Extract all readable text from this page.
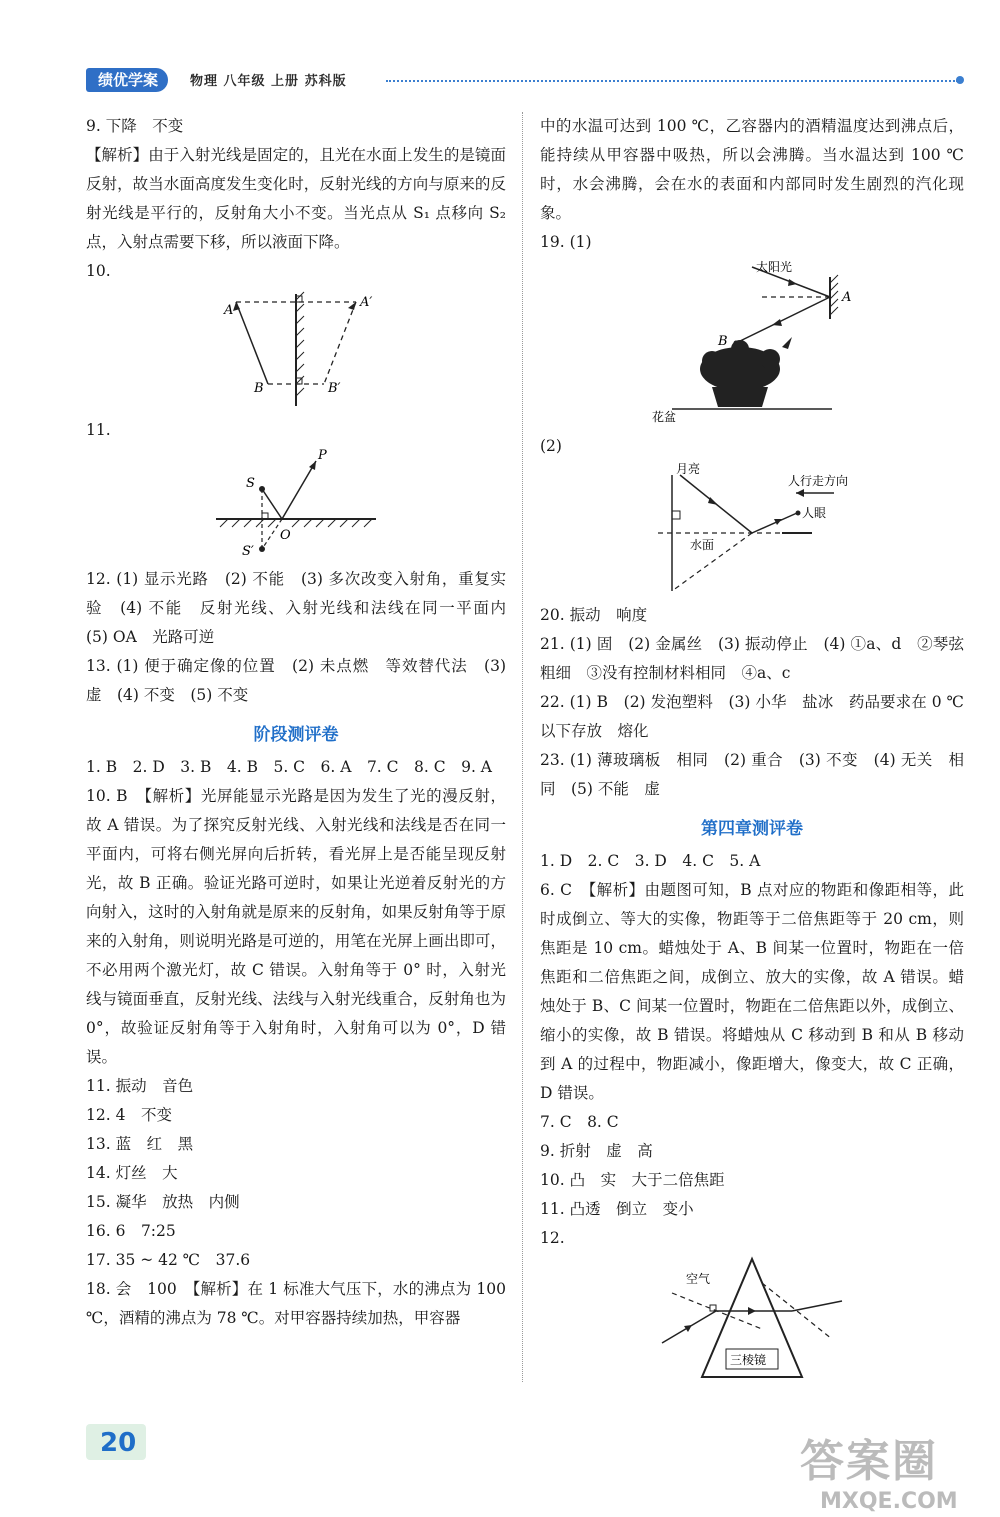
绩优学案	物理 八年级 上册 苏科版

9. 下降　不变

【解析】由于入射光线是固定的，且光在水面上发生的是镜面反射，故当水面高度发生变化时，反射光线的方向与原来的反射光线是平行的，反射角大小不变。当光点从 S₁ 点移向 S₂ 点，入射点需要下移，所以液面下降。

10.

A
A′
B	B′

11.

S
P
O
S′

12. (1) 显示光路　(2) 不能　(3) 多次改变入射角，重复实验　(4) 不能　反射光线、入射光线和法线在同一平面内　(5) OA　光路可逆

13. (1) 便于确定像的位置　(2) 未点燃　等效替代法　(3) 虚　(4) 不变　(5) 不变

阶段测评卷

1. B　2. D　3. B　4. B　5. C　6. A　7. C　8. C　9. A

10. B　【解析】光屏能显示光路是因为发生了光的漫反射，故 A 错误。为了探究反射光线、入射光线和法线是否在同一平面内，可将右侧光屏向后折转，看光屏上是否能呈现反射光，故 B 正确。验证光路可逆时，如果让光逆着反射光的方向射入，这时的入射角就是原来的反射角，如果反射角等于原来的入射角，则说明光路是可逆的，用笔在光屏上画出即可，不必用两个激光灯，故 C 错误。入射角等于 0° 时，入射光线与镜面垂直，反射光线、法线与入射光线重合，反射角也为 0°，故验证反射角等于入射角时，入射角可以为 0°，D 错误。

11. 振动　音色

12. 4　不变

13. 蓝　红　黑

14. 灯丝　大

15. 凝华　放热　内侧

16. 6　7:25

17. 35 ~ 42 ℃　37.6

18. 会　100　【解析】在 1 标准大气压下，水的沸点为 100 ℃，酒精的沸点为 78 ℃。对甲容器持续加热，甲容器

中的水温可达到 100 ℃，乙容器内的酒精温度达到沸点后，能持续从甲容器中吸热，所以会沸腾。当水温达到 100 ℃ 时，水会沸腾，会在水的表面和内部同时发生剧烈的汽化现象。

19. (1)

太阳光
A
B
花盆

(2)

月亮
人行走方向
人眼
水面

20. 振动　响度

21. (1) 固　(2) 金属丝　(3) 振动停止　(4) ①a、d　②琴弦粗细　③没有控制材料相同　④a、c

22. (1) B　(2) 发泡塑料　(3) 小华　盐冰　药品要求在 0 ℃ 以下存放　熔化

23. (1) 薄玻璃板　相同　(2) 重合　(3) 不变　(4) 无关　相同　(5) 不能　虚

第四章测评卷

1. D　2. C　3. D　4. C　5. A

6. C　【解析】由题图可知，B 点对应的物距和像距相等，此时成倒立、等大的实像，物距等于二倍焦距等于 20 cm，则焦距是 10 cm。蜡烛处于 A、B 间某一位置时，物距在一倍焦距和二倍焦距之间，成倒立、放大的实像，故 A 错误。蜡烛处于 B、C 间某一位置时，物距在二倍焦距以外，成倒立、缩小的实像，故 B 错误。将蜡烛从 C 移动到 B 和从 B 移动到 A 的过程中，物距减小，像距增大，像变大，故 C 正确，D 错误。

7. C　8. C

9. 折射　虚　高

10. 凸　实　大于二倍焦距

11. 凸透　倒立　变小

12.

空气
三棱镜
20	答案圈
MXQE.COM
